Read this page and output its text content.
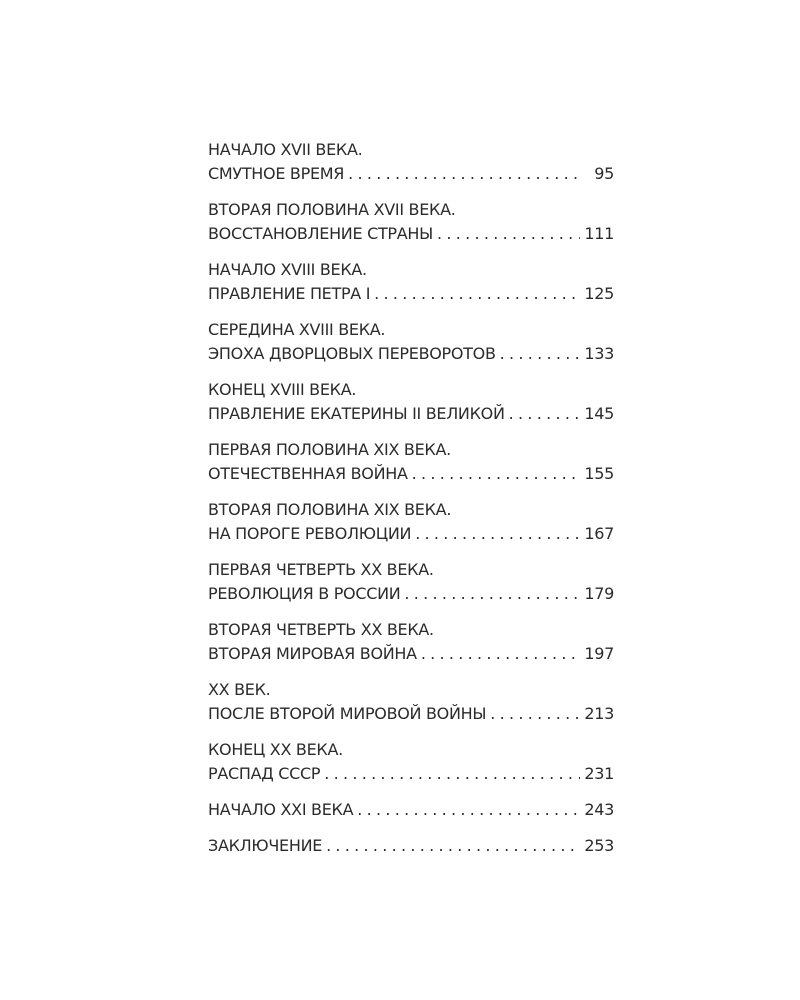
НАЧАЛО XVII ВЕКА.
СМУТНОЕ ВРЕМЯ . . .	95
ВТОРАЯ ПОЛОВИНА XVII ВЕКА.
ВОССТАНОВЛЕНИЕ СТРАНЫ . . .	111
НАЧАЛО XVIII ВЕКА.
ПРАВЛЕНИЕ ПЕТРА I . . .	125
СЕРЕДИНА XVIII ВЕКА.
ЭПОХА ДВОРЦОВЫХ ПЕРЕВОРОТОВ . . .	133
КОНЕЦ XVIII ВЕКА.
ПРАВЛЕНИЕ ЕКАТЕРИНЫ II ВЕЛИКОЙ . . .	145
ПЕРВАЯ ПОЛОВИНА XIX ВЕКА.
ОТЕЧЕСТВЕННАЯ ВОЙНА . . .	155
ВТОРАЯ ПОЛОВИНА XIX ВЕКА.
НА ПОРОГЕ РЕВОЛЮЦИИ . . .	167
ПЕРВАЯ ЧЕТВЕРТЬ XX ВЕКА.
РЕВОЛЮЦИЯ В РОССИИ . . .	179
ВТОРАЯ ЧЕТВЕРТЬ XX ВЕКА.
ВТОРАЯ МИРОВАЯ ВОЙНА . . .	197
XX ВЕК.
ПОСЛЕ ВТОРОЙ МИРОВОЙ ВОЙНЫ . . .	213
КОНЕЦ XX ВЕКА.
РАСПАД СССР . . .	231
НАЧАЛО XXI ВЕКА . . .	243
ЗАКЛЮЧЕНИЕ . . .	253
